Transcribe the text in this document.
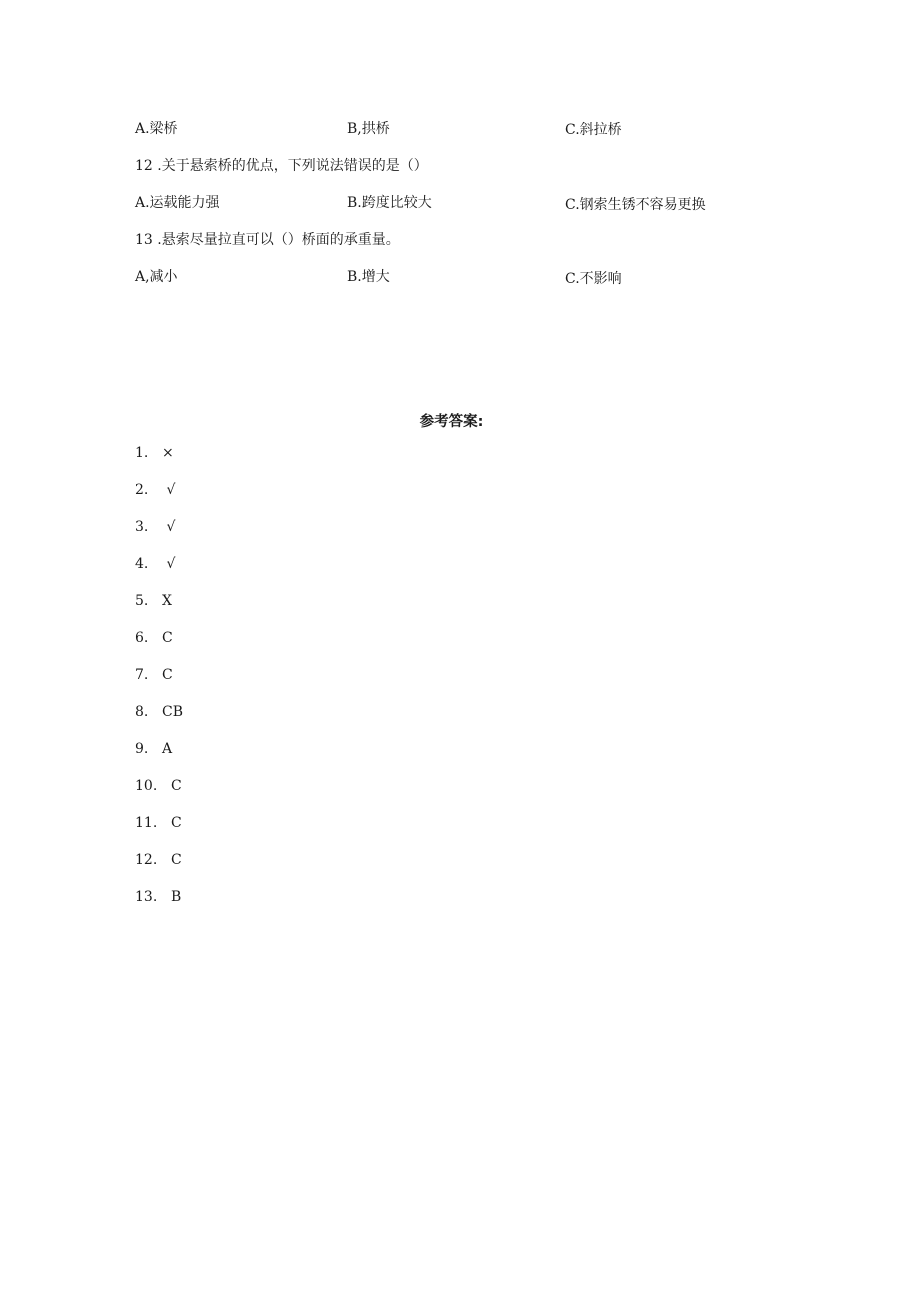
A.梁桥	B,拱桥	C.斜拉桥
12 .关于悬索桥的优点，下列说法错误的是（）
A.运载能力强	B.跨度比较大	C.钢索生锈不容易更换
13 .悬索尽量拉直可以（）桥面的承重量。
A,减小	B.增大	C.不影响
参考答案:
1. ×
2. √
3. √
4. √
5. X
6. C
7. C
8. CB
9. A
10. C
11. C
12. C
13. B
